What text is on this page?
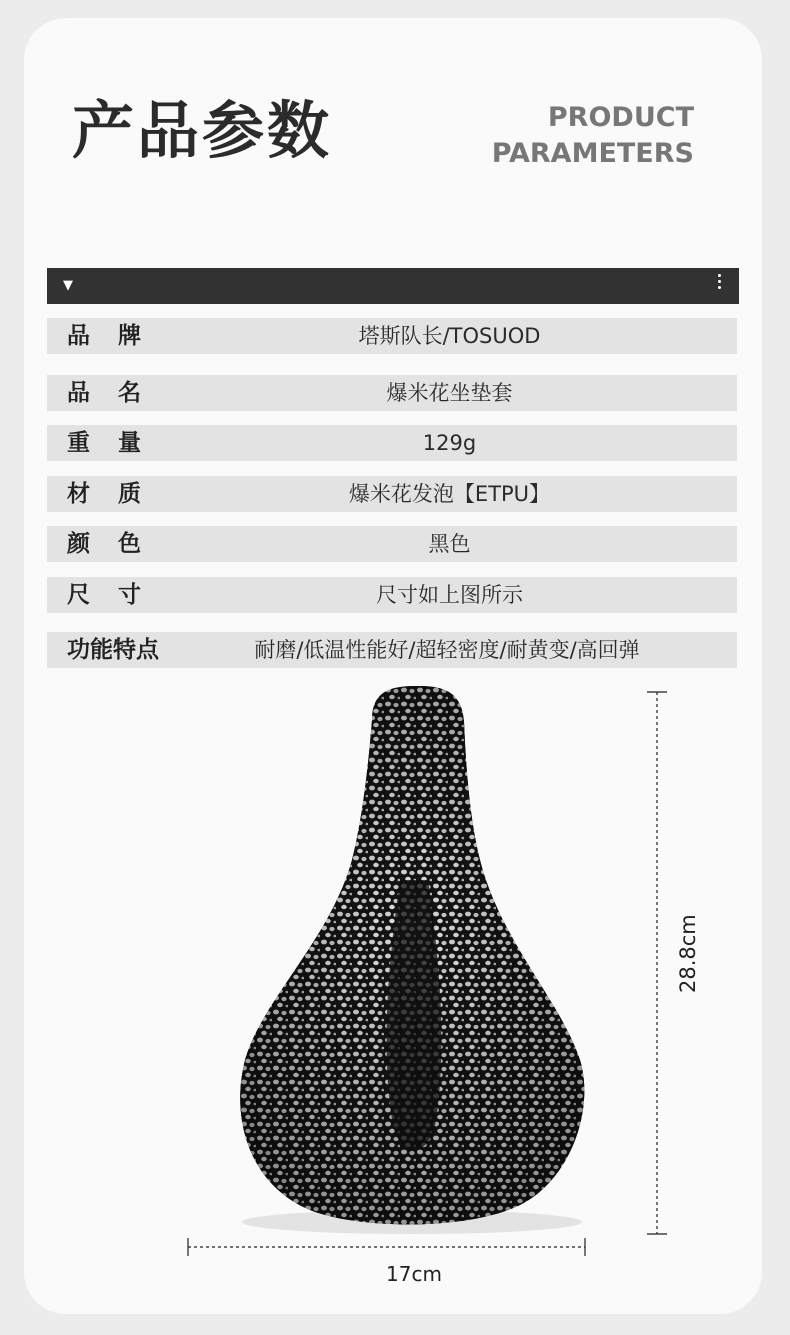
产品参数	PRODUCT
PARAMETERS
▼
品牌	塔斯队长/TOSUOD
品名	爆米花坐垫套
重量	129g
材质	爆米花发泡【ETPU】
颜色	黑色
尺寸	尺寸如上图所示
功能特点	耐磨/低温性能好/超轻密度/耐黄变/高回弹
17cm
28.8cm
